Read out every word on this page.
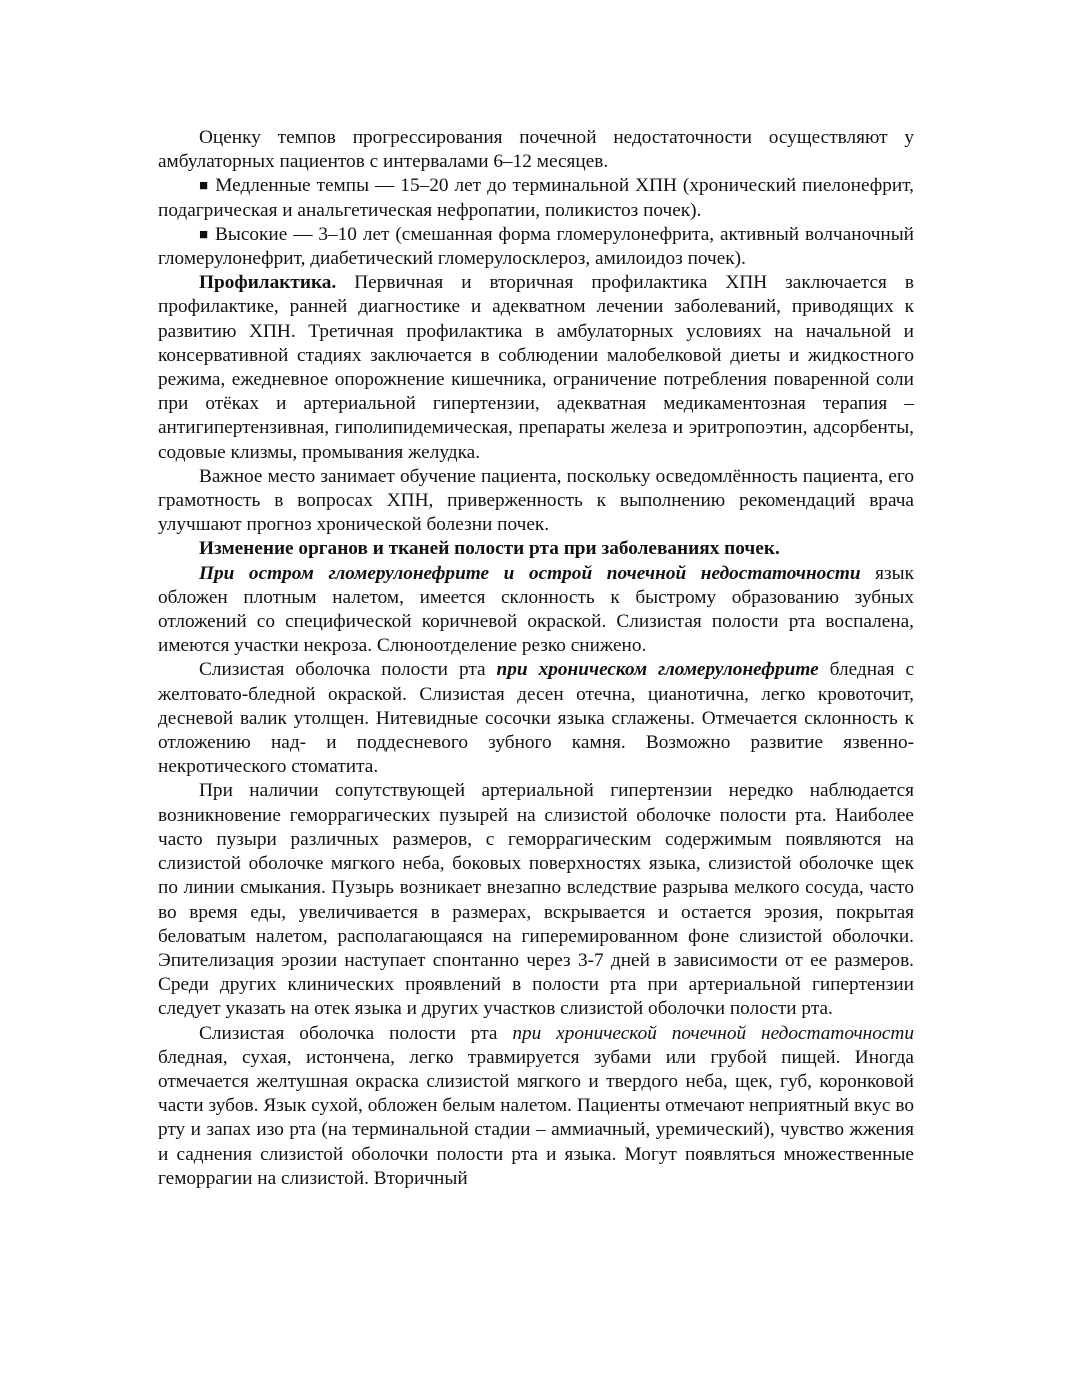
Оценку темпов прогрессирования почечной недостаточности осуществляют у амбулаторных пациентов с интервалами 6–12 месяцев.

■ Медленные темпы — 15–20 лет до терминальной ХПН (хронический пиелонефрит, подагрическая и анальгетическая нефропатии, поликистоз почек).

■ Высокие — 3–10 лет (смешанная форма гломерулонефрита, активный волчаночный гломерулонефрит, диабетический гломерулосклероз, амилоидоз почек).

Профилактика. Первичная и вторичная профилактика ХПН заключается в профилактике, ранней диагностике и адекватном лечении заболеваний, приводящих к развитию ХПН. Третичная профилактика в амбулаторных условиях на начальной и консервативной стадиях заключается в соблюдении малобелковой диеты и жидкостного режима, ежедневное опорожнение кишечника, ограничение потребления поваренной соли при отёках и артериальной гипертензии, адекватная медикаментозная терапия – антигипертензивная, гиполипидемическая, препараты железа и эритропоэтин, адсорбенты, содовые клизмы, промывания желудка.

Важное место занимает обучение пациента, поскольку осведомлённость пациента, его грамотность в вопросах ХПН, приверженность к выполнению рекомендаций врача улучшают прогноз хронической болезни почек.

Изменение органов и тканей полости рта при заболеваниях почек.

При остром гломерулонефрите и острой почечной недостаточности язык обложен плотным налетом, имеется склонность к быстрому образованию зубных отложений со специфической коричневой окраской. Слизистая полости рта воспалена, имеются участки некроза. Слюноотделение резко снижено.

Слизистая оболочка полости рта при хроническом гломерулонефрите бледная с желтовато-бледной окраской. Слизистая десен отечна, цианотична, легко кровоточит, десневой валик утолщен. Нитевидные сосочки языка сглажены. Отмечается склонность к отложению над- и поддесневого зубного камня. Возможно развитие язвенно-некротического стоматита.

При наличии сопутствующей артериальной гипертензии нередко наблюдается возникновение геморрагических пузырей на слизистой оболочке полости рта. Наиболее часто пузыри различных размеров, с геморрагическим содержимым появляются на слизистой оболочке мягкого неба, боковых поверхностях языка, слизистой оболочке щек по линии смыкания. Пузырь возникает внезапно вследствие разрыва мелкого сосуда, часто во время еды, увеличивается в размерах, вскрывается и остается эрозия, покрытая беловатым налетом, располагающаяся на гиперемированном фоне слизистой оболочки. Эпителизация эрозии наступает спонтанно через 3-7 дней в зависимости от ее размеров. Среди других клинических проявлений в полости рта при артериальной гипертензии следует указать на отек языка и других участков слизистой оболочки полости рта.

Слизистая оболочка полости рта при хронической почечной недостаточности бледная, сухая, истончена, легко травмируется зубами или грубой пищей. Иногда отмечается желтушная окраска слизистой мягкого и твердого неба, щек, губ, коронковой части зубов. Язык сухой, обложен белым налетом. Пациенты отмечают неприятный вкус во рту и запах изо рта (на терминальной стадии – аммиачный, уремический), чувство жжения и саднения слизистой оболочки полости рта и языка. Могут появляться множественные геморрагии на слизистой. Вторичный
